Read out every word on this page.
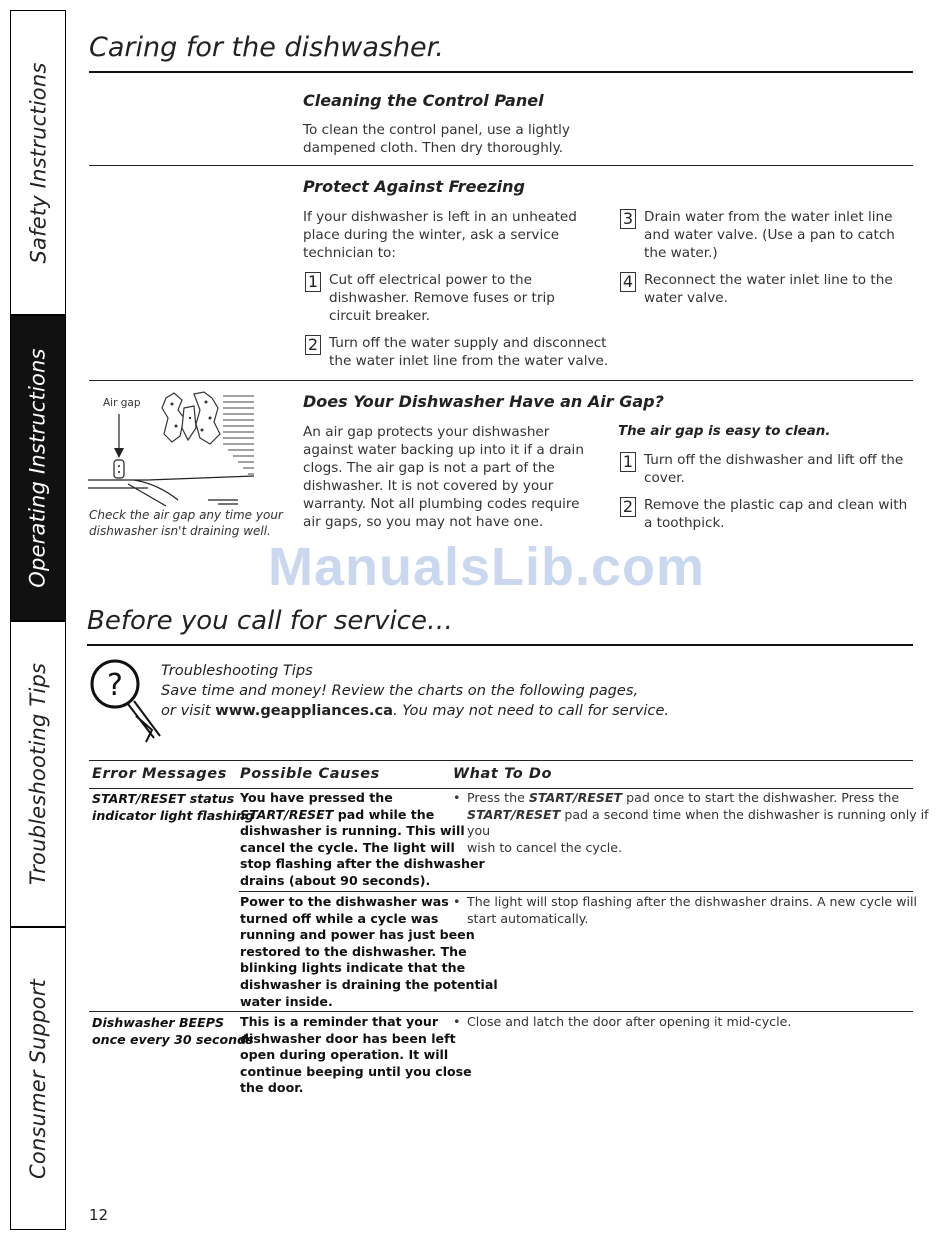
Safety Instructions
Operating Instructions
Troubleshooting Tips
Consumer Support
Caring for the dishwasher.
Cleaning the Control Panel
To clean the control panel, use a lightly
dampened cloth. Then dry thoroughly.
Protect Against Freezing
If your dishwasher is left in an unheated
place during the winter, ask a service
technician to:
1 Cut off electrical power to the
dishwasher. Remove fuses or trip
circuit breaker.
2 Turn off the water supply and disconnect
the water inlet line from the water valve.
3 Drain water from the water inlet line
and water valve. (Use a pan to catch
the water.)
4 Reconnect the water inlet line to the
water valve.
Air gap
Check the air gap any time your
dishwasher isn't draining well.
Does Your Dishwasher Have an Air Gap?
An air gap protects your dishwasher
against water backing up into it if a drain
clogs. The air gap is not a part of the
dishwasher. It is not covered by your
warranty. Not all plumbing codes require
air gaps, so you may not have one.
The air gap is easy to clean.
1 Turn off the dishwasher and lift off the
cover.
2 Remove the plastic cap and clean with
a toothpick.
ManualsLib.com
Before you call for service…
?	Troubleshooting Tips
Save time and money! Review the charts on the following pages,
or visit www.geappliances.ca. You may not need to call for service.
Error Messages Possible Causes	What To Do
START/RESET status
indicator light flashing
You have pressed the
START/RESET pad while the
dishwasher is running. This will
cancel the cycle. The light will
stop flashing after the dishwasher
drains (about 90 seconds).
• Press the START/RESET pad once to start the dishwasher. Press the
START/RESET pad a second time when the dishwasher is running only if you
wish to cancel the cycle.
Power to the dishwasher was
turned off while a cycle was
running and power has just been
restored to the dishwasher. The
blinking lights indicate that the
dishwasher is draining the potential
water inside.
• The light will stop flashing after the dishwasher drains. A new cycle will
start automatically.
Dishwasher BEEPS
once every 30 seconds
This is a reminder that your
dishwasher door has been left
open during operation. It will
continue beeping until you close
the door.
• Close and latch the door after opening it mid-cycle.
12
